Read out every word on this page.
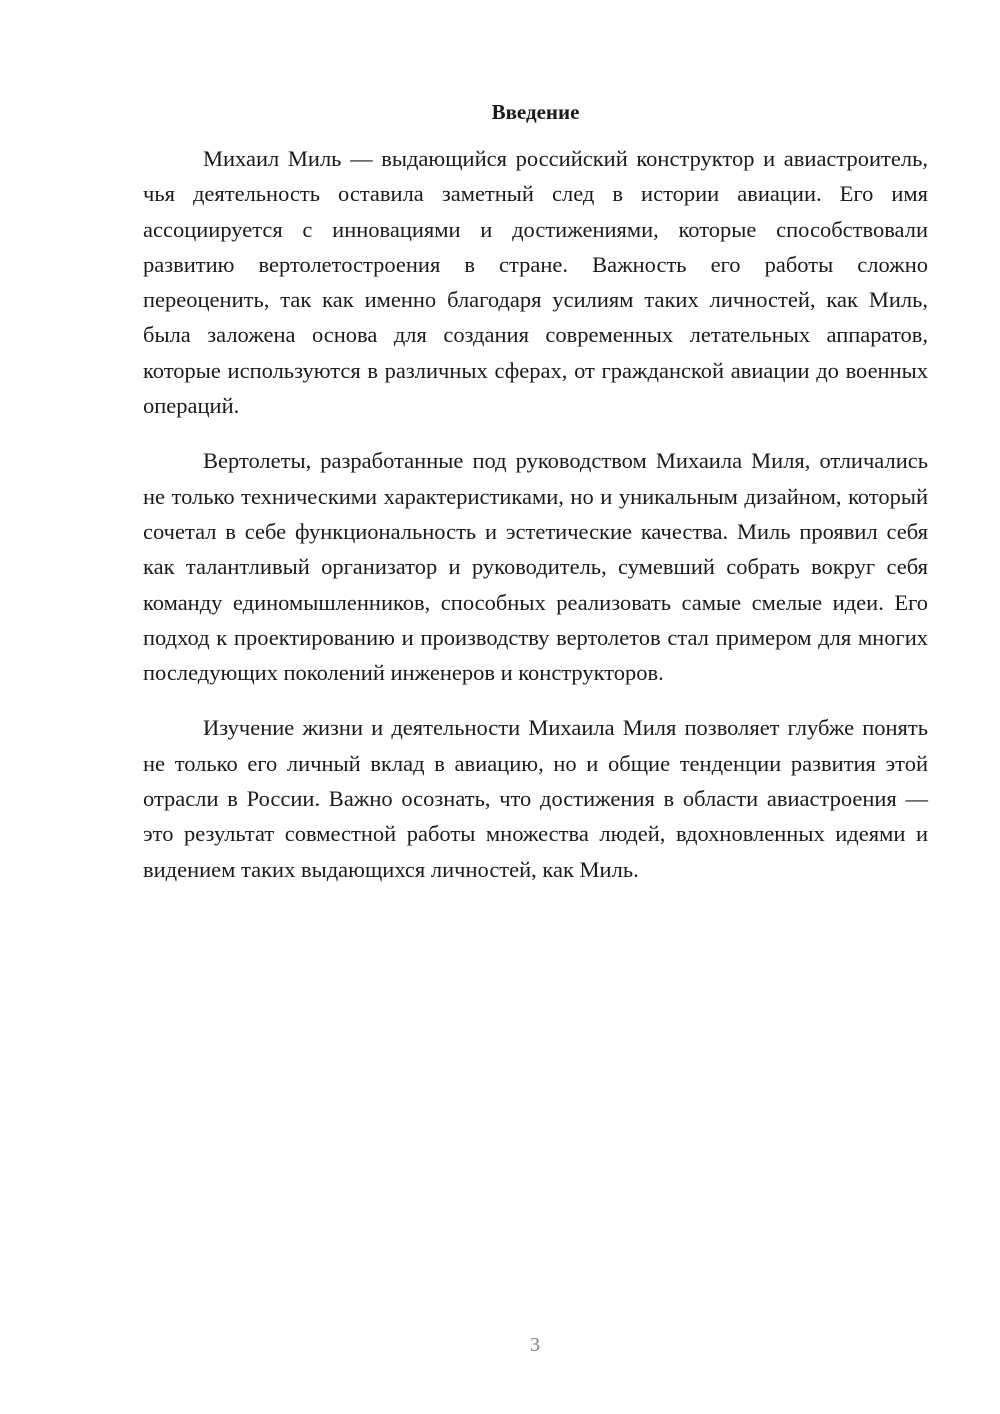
Введение

Михаил Миль — выдающийся российский конструктор и авиастроитель, чья деятельность оставила заметный след в истории авиации. Его имя ассоциируется с инновациями и достижениями, которые способствовали развитию вертолетостроения в стране. Важность его работы сложно переоценить, так как именно благодаря усилиям таких личностей, как Миль, была заложена основа для создания современных летательных аппаратов, которые используются в различных сферах, от гражданской авиации до военных операций.

Вертолеты, разработанные под руководством Михаила Миля, отличались не только техническими характеристиками, но и уникальным дизайном, который сочетал в себе функциональность и эстетические качества. Миль проявил себя как талантливый организатор и руководитель, сумевший собрать вокруг себя команду единомышленников, способных реализовать самые смелые идеи. Его подход к проектированию и производству вертолетов стал примером для многих последующих поколений инженеров и конструкторов.

Изучение жизни и деятельности Михаила Миля позволяет глубже понять не только его личный вклад в авиацию, но и общие тенденции развития этой отрасли в России. Важно осознать, что достижения в области авиастроения — это результат совместной работы множества людей, вдохновленных идеями и видением таких выдающихся личностей, как Миль.

3
